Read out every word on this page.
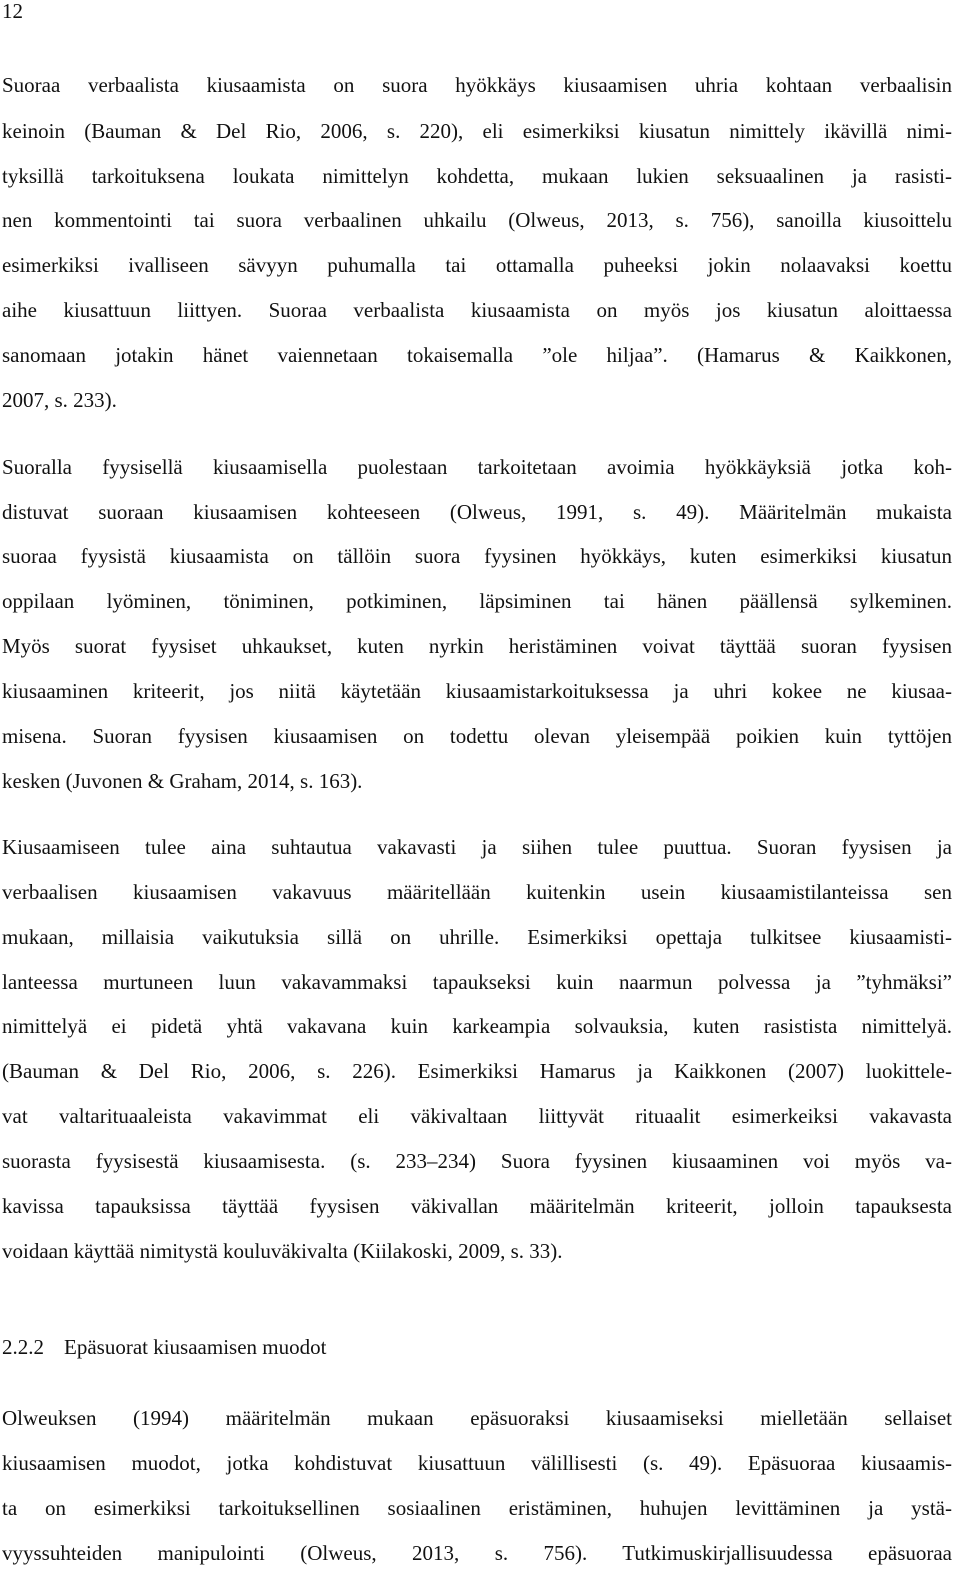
12
Suoraa verbaalista kiusaamista on suora hyökkäys kiusaamisen uhria kohtaan verbaalisin
keinoin (Bauman & Del Rio, 2006, s. 220), eli esimerkiksi kiusatun nimittely ikävillä nimi-
tyksillä tarkoituksena loukata nimittelyn kohdetta, mukaan lukien seksuaalinen ja rasisti-
nen kommentointi tai suora verbaalinen uhkailu (Olweus, 2013, s. 756), sanoilla kiusoittelu
esimerkiksi ivalliseen sävyyn puhumalla tai ottamalla puheeksi jokin nolaavaksi koettu
aihe kiusattuun liittyen. Suoraa verbaalista kiusaamista on myös jos kiusatun aloittaessa
sanomaan jotakin hänet vaiennetaan tokaisemalla ”ole hiljaa”. (Hamarus & Kaikkonen,
2007, s. 233).
Suoralla fyysisellä kiusaamisella puolestaan tarkoitetaan avoimia hyökkäyksiä jotka koh-
distuvat suoraan kiusaamisen kohteeseen (Olweus, 1991, s. 49). Määritelmän mukaista
suoraa fyysistä kiusaamista on tällöin suora fyysinen hyökkäys, kuten esimerkiksi kiusatun
oppilaan lyöminen, töniminen, potkiminen, läpsiminen tai hänen päällensä sylkeminen.
Myös suorat fyysiset uhkaukset, kuten nyrkin heristäminen voivat täyttää suoran fyysisen
kiusaaminen kriteerit, jos niitä käytetään kiusaamistarkoituksessa ja uhri kokee ne kiusaa-
misena. Suoran fyysisen kiusaamisen on todettu olevan yleisempää poikien kuin tyttöjen
kesken (Juvonen & Graham, 2014, s. 163).
Kiusaamiseen tulee aina suhtautua vakavasti ja siihen tulee puuttua. Suoran fyysisen ja
verbaalisen kiusaamisen vakavuus määritellään kuitenkin usein kiusaamistilanteissa sen
mukaan, millaisia vaikutuksia sillä on uhrille. Esimerkiksi opettaja tulkitsee kiusaamisti-
lanteessa murtuneen luun vakavammaksi tapaukseksi kuin naarmun polvessa ja ”tyhmäksi”
nimittelyä ei pidetä yhtä vakavana kuin karkeampia solvauksia, kuten rasistista nimittelyä.
(Bauman & Del Rio, 2006, s. 226). Esimerkiksi Hamarus ja Kaikkonen (2007) luokittele-
vat valtarituaaleista vakavimmat eli väkivaltaan liittyvät rituaalit esimerkeiksi vakavasta
suorasta fyysisestä kiusaamisesta. (s. 233–234) Suora fyysinen kiusaaminen voi myös va-
kavissa tapauksissa täyttää fyysisen väkivallan määritelmän kriteerit, jolloin tapauksesta
voidaan käyttää nimitystä kouluväkivalta (Kiilakoski, 2009, s. 33).
2.2.2 Epäsuorat kiusaamisen muodot
Olweuksen (1994) määritelmän mukaan epäsuoraksi kiusaamiseksi mielletään sellaiset
kiusaamisen muodot, jotka kohdistuvat kiusattuun välillisesti (s. 49). Epäsuoraa kiusaamis-
ta on esimerkiksi tarkoituksellinen sosiaalinen eristäminen, huhujen levittäminen ja ystä-
vyyssuhteiden manipulointi (Olweus, 2013, s. 756). Tutkimuskirjallisuudessa epäsuoraa
